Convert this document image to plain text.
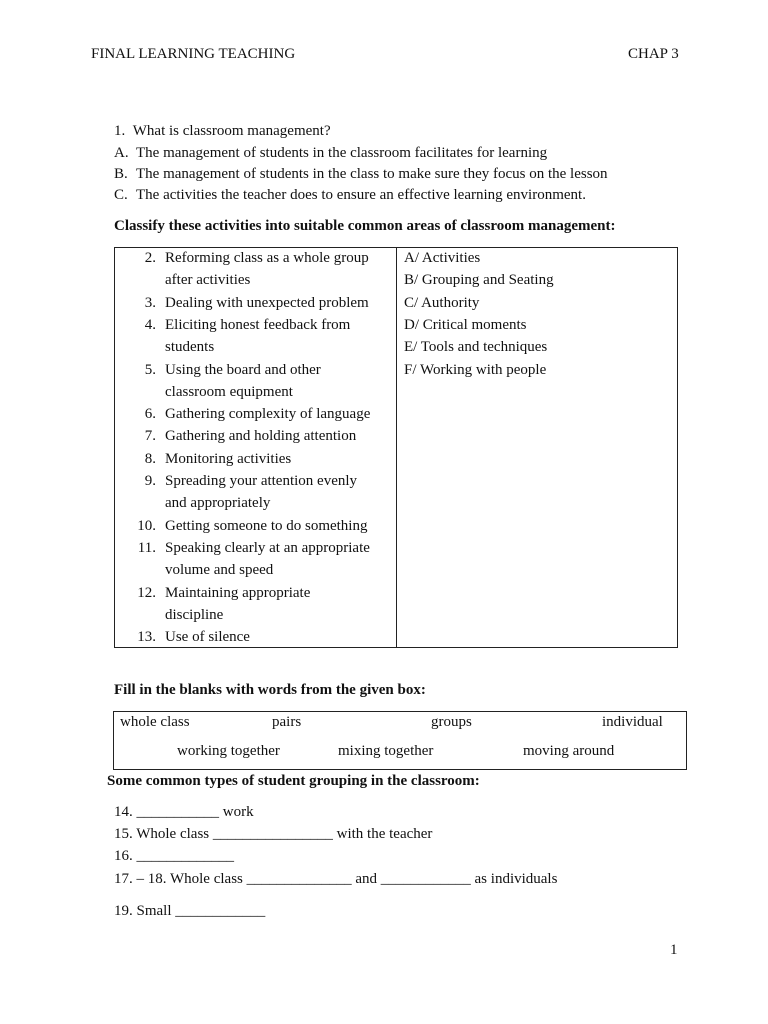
FINAL LEARNING TEACHING	CHAP 3
1.  What is classroom management?
A. The management of students in the classroom facilitates for learning
B. The management of students in the class to make sure they focus on the lesson
C. The activities the teacher does to ensure an effective learning environment.
Classify these activities into suitable common areas of classroom management:
2. Reforming class as a whole group
after activities
3. Dealing with unexpected problem
4. Eliciting honest feedback from
students
5. Using the board and other
classroom equipment
6. Gathering complexity of language
7. Gathering and holding attention
8. Monitoring activities
9. Spreading your attention evenly
and appropriately
10. Getting someone to do something
11. Speaking clearly at an appropriate
volume and speed
12. Maintaining appropriate
discipline
13. Use of silence
A/ Activities
B/ Grouping and Seating
C/ Authority
D/ Critical moments
E/ Tools and techniques
F/ Working with people
Fill in the blanks with words from the given box:
whole class	pairs	groups	individual
working together	mixing together	moving around
Some common types of student grouping in the classroom:
14. ___________ work
15. Whole class ________________ with the teacher
16. _____________
17. – 18. Whole class ______________ and ____________ as individuals
19. Small ____________
1
